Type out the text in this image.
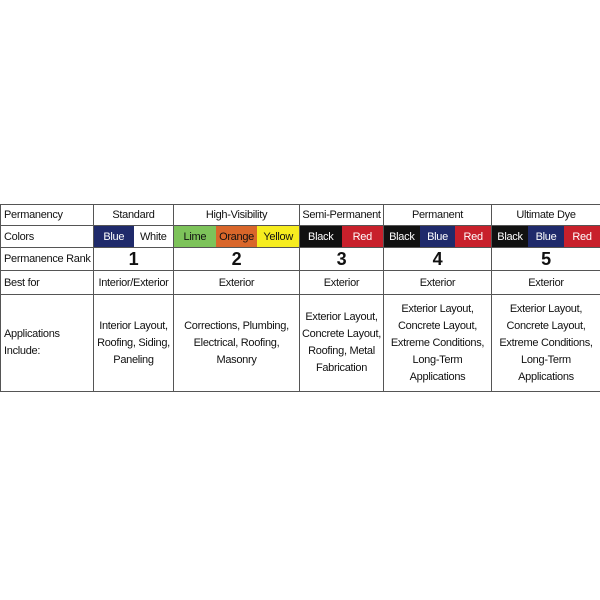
Permanency	Standard	High-Visibility	Semi-Permanent	Permanent	Ultimate Dye
Colors	Blue White	Lime Orange Yellow	Black Red	Black Blue Red	Black Blue Red

Permanence Rank	1	2	3	4	5
Best for	Interior/Exterior	Exterior	Exterior	Exterior	Exterior

Applications
Include:	Interior Layout,
Roofing, Siding,
Paneling	Corrections, Plumbing,
Electrical, Roofing,
Masonry	Exterior Layout,
Concrete Layout,
Roofing, Metal
Fabrication	Exterior Layout,
Concrete Layout,
Extreme Conditions,
Long-Term
Applications	Exterior Layout,
Concrete Layout,
Extreme Conditions,
Long-Term
Applications
